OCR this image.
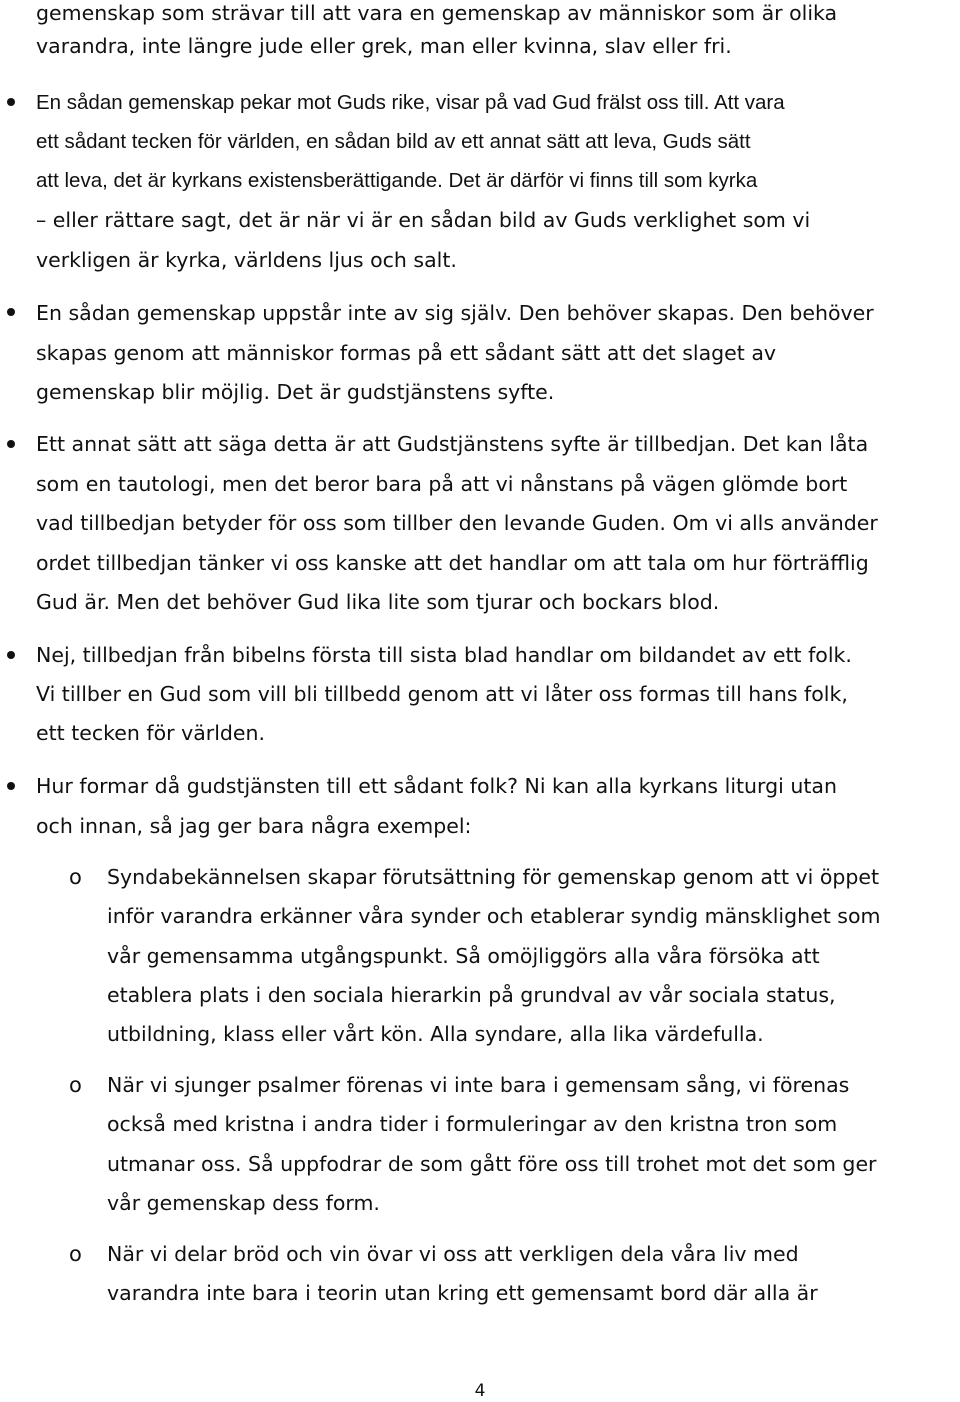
gemenskap som strävar till att vara en gemenskap av människor som är olika
varandra, inte längre jude eller grek, man eller kvinna, slav eller fri.
En sådan gemenskap pekar mot Guds rike, visar på vad Gud frälst oss till. Att vara
ett sådant tecken för världen, en sådan bild av ett annat sätt att leva, Guds sätt
att leva, det är kyrkans existensberättigande. Det är därför vi finns till som kyrka
– eller rättare sagt, det är när vi är en sådan bild av Guds verklighet som vi
verkligen är kyrka, världens ljus och salt.
En sådan gemenskap uppstår inte av sig själv. Den behöver skapas. Den behöver
skapas genom att människor formas på ett sådant sätt att det slaget av
gemenskap blir möjlig. Det är gudstjänstens syfte.
Ett annat sätt att säga detta är att Gudstjänstens syfte är tillbedjan. Det kan låta
som en tautologi, men det beror bara på att vi nånstans på vägen glömde bort
vad tillbedjan betyder för oss som tillber den levande Guden. Om vi alls använder
ordet tillbedjan tänker vi oss kanske att det handlar om att tala om hur förträfflig
Gud är. Men det behöver Gud lika lite som tjurar och bockars blod.
Nej, tillbedjan från bibelns första till sista blad handlar om bildandet av ett folk.
Vi tillber en Gud som vill bli tillbedd genom att vi låter oss formas till hans folk,
ett tecken för världen.
Hur formar då gudstjänsten till ett sådant folk? Ni kan alla kyrkans liturgi utan
och innan, så jag ger bara några exempel:
o Syndabekännelsen skapar förutsättning för gemenskap genom att vi öppet
inför varandra erkänner våra synder och etablerar syndig mänsklighet som
vår gemensamma utgångspunkt. Så omöjliggörs alla våra försöka att
etablera plats i den sociala hierarkin på grundval av vår sociala status,
utbildning, klass eller vårt kön. Alla syndare, alla lika värdefulla.
o När vi sjunger psalmer förenas vi inte bara i gemensam sång, vi förenas
också med kristna i andra tider i formuleringar av den kristna tron som
utmanar oss. Så uppfodrar de som gått före oss till trohet mot det som ger
vår gemenskap dess form.
o När vi delar bröd och vin övar vi oss att verkligen dela våra liv med
varandra inte bara i teorin utan kring ett gemensamt bord där alla är
4
